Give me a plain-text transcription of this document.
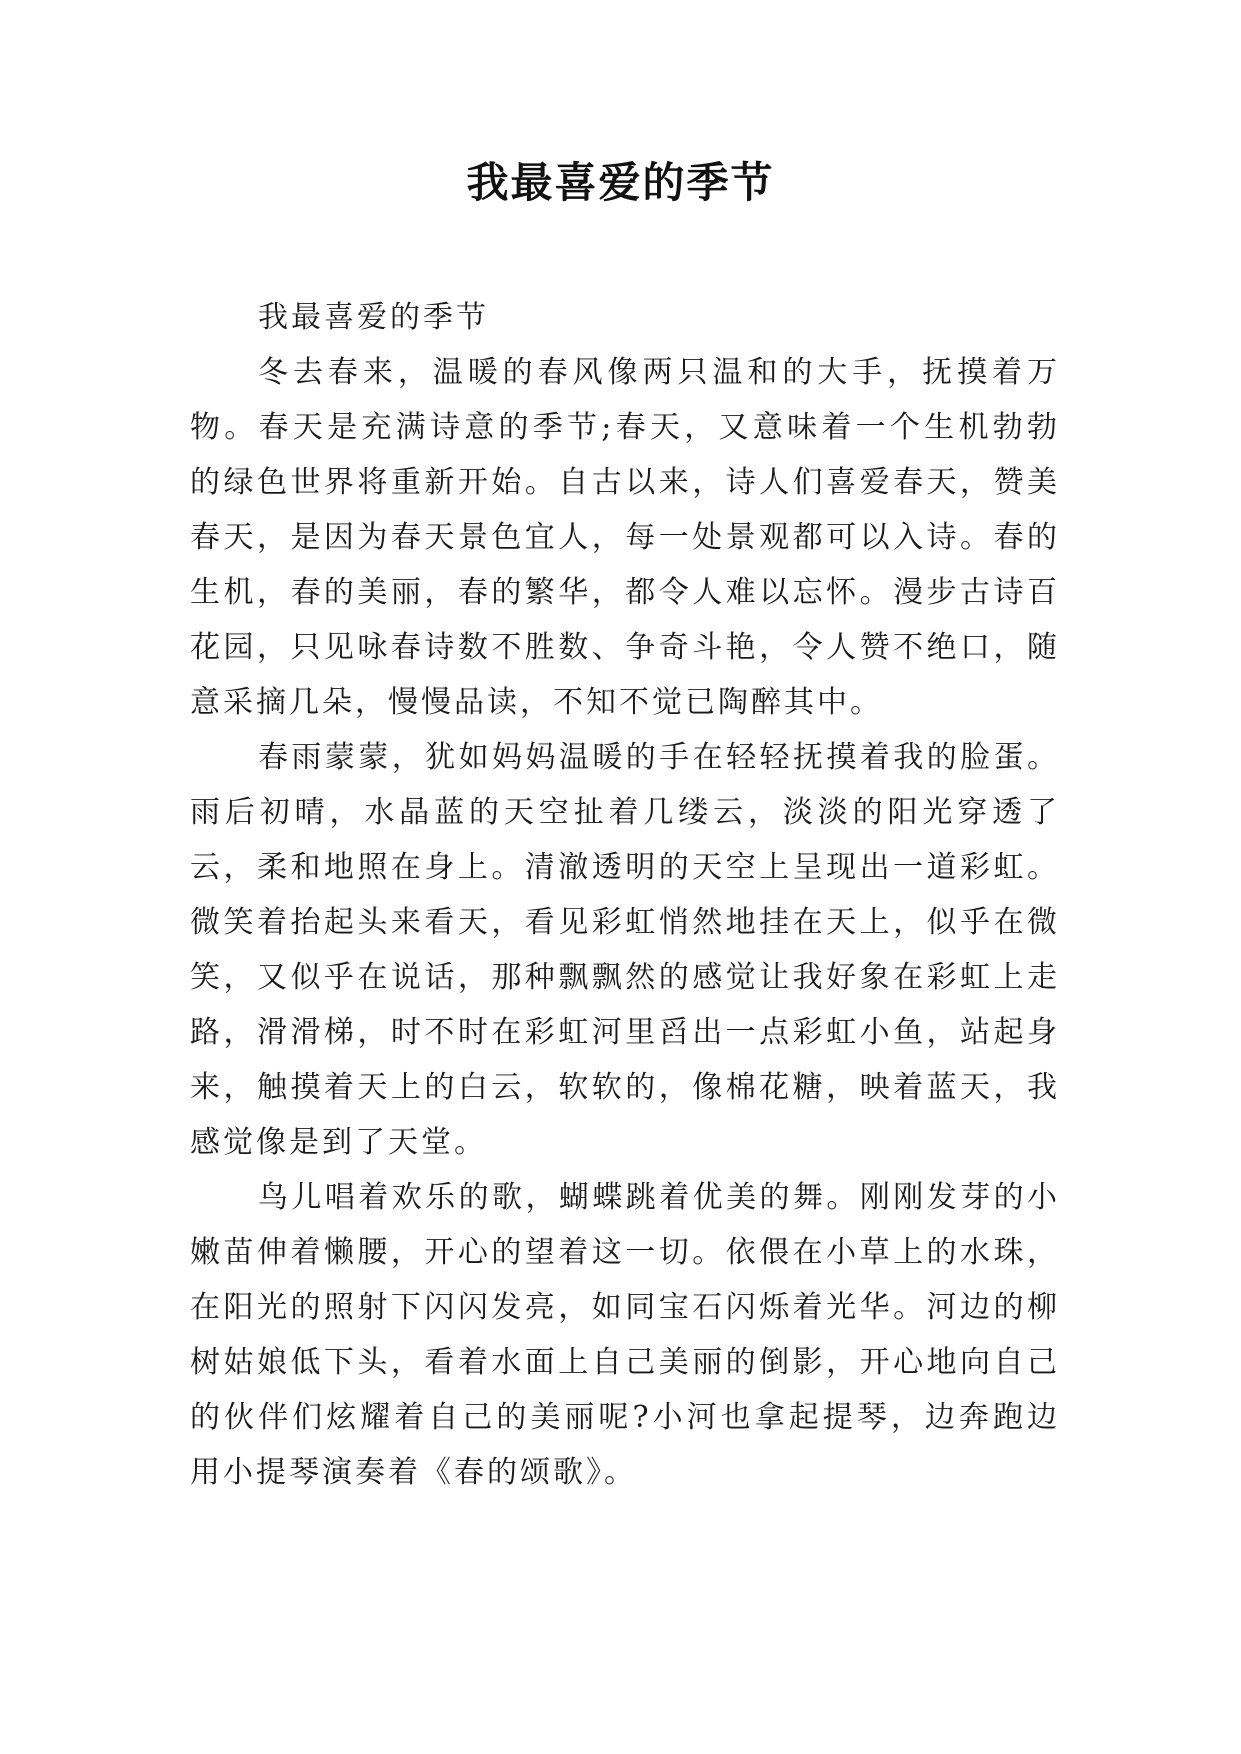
我最喜爱的季节

我最喜爱的季节

冬去春来，温暖的春风像两只温和的大手，抚摸着万物。春天是充满诗意的季节;春天，又意味着一个生机勃勃的绿色世界将重新开始。自古以来，诗人们喜爱春天，赞美春天，是因为春天景色宜人，每一处景观都可以入诗。春的生机，春的美丽，春的繁华，都令人难以忘怀。漫步古诗百花园，只见咏春诗数不胜数、争奇斗艳，令人赞不绝口，随意采摘几朵，慢慢品读，不知不觉已陶醉其中。

春雨蒙蒙，犹如妈妈温暖的手在轻轻抚摸着我的脸蛋。雨后初晴，水晶蓝的天空扯着几缕云，淡淡的阳光穿透了云，柔和地照在身上。清澈透明的天空上呈现出一道彩虹。微笑着抬起头来看天，看见彩虹悄然地挂在天上，似乎在微笑，又似乎在说话，那种飘飘然的感觉让我好象在彩虹上走路，滑滑梯，时不时在彩虹河里舀出一点彩虹小鱼，站起身来，触摸着天上的白云，软软的，像棉花糖，映着蓝天，我感觉像是到了天堂。

鸟儿唱着欢乐的歌，蝴蝶跳着优美的舞。刚刚发芽的小嫩苗伸着懒腰，开心的望着这一切。依偎在小草上的水珠，在阳光的照射下闪闪发亮，如同宝石闪烁着光华。河边的柳树姑娘低下头，看着水面上自己美丽的倒影，开心地向自己的伙伴们炫耀着自己的美丽呢?小河也拿起提琴，边奔跑边用小提琴演奏着《春的颂歌》。
